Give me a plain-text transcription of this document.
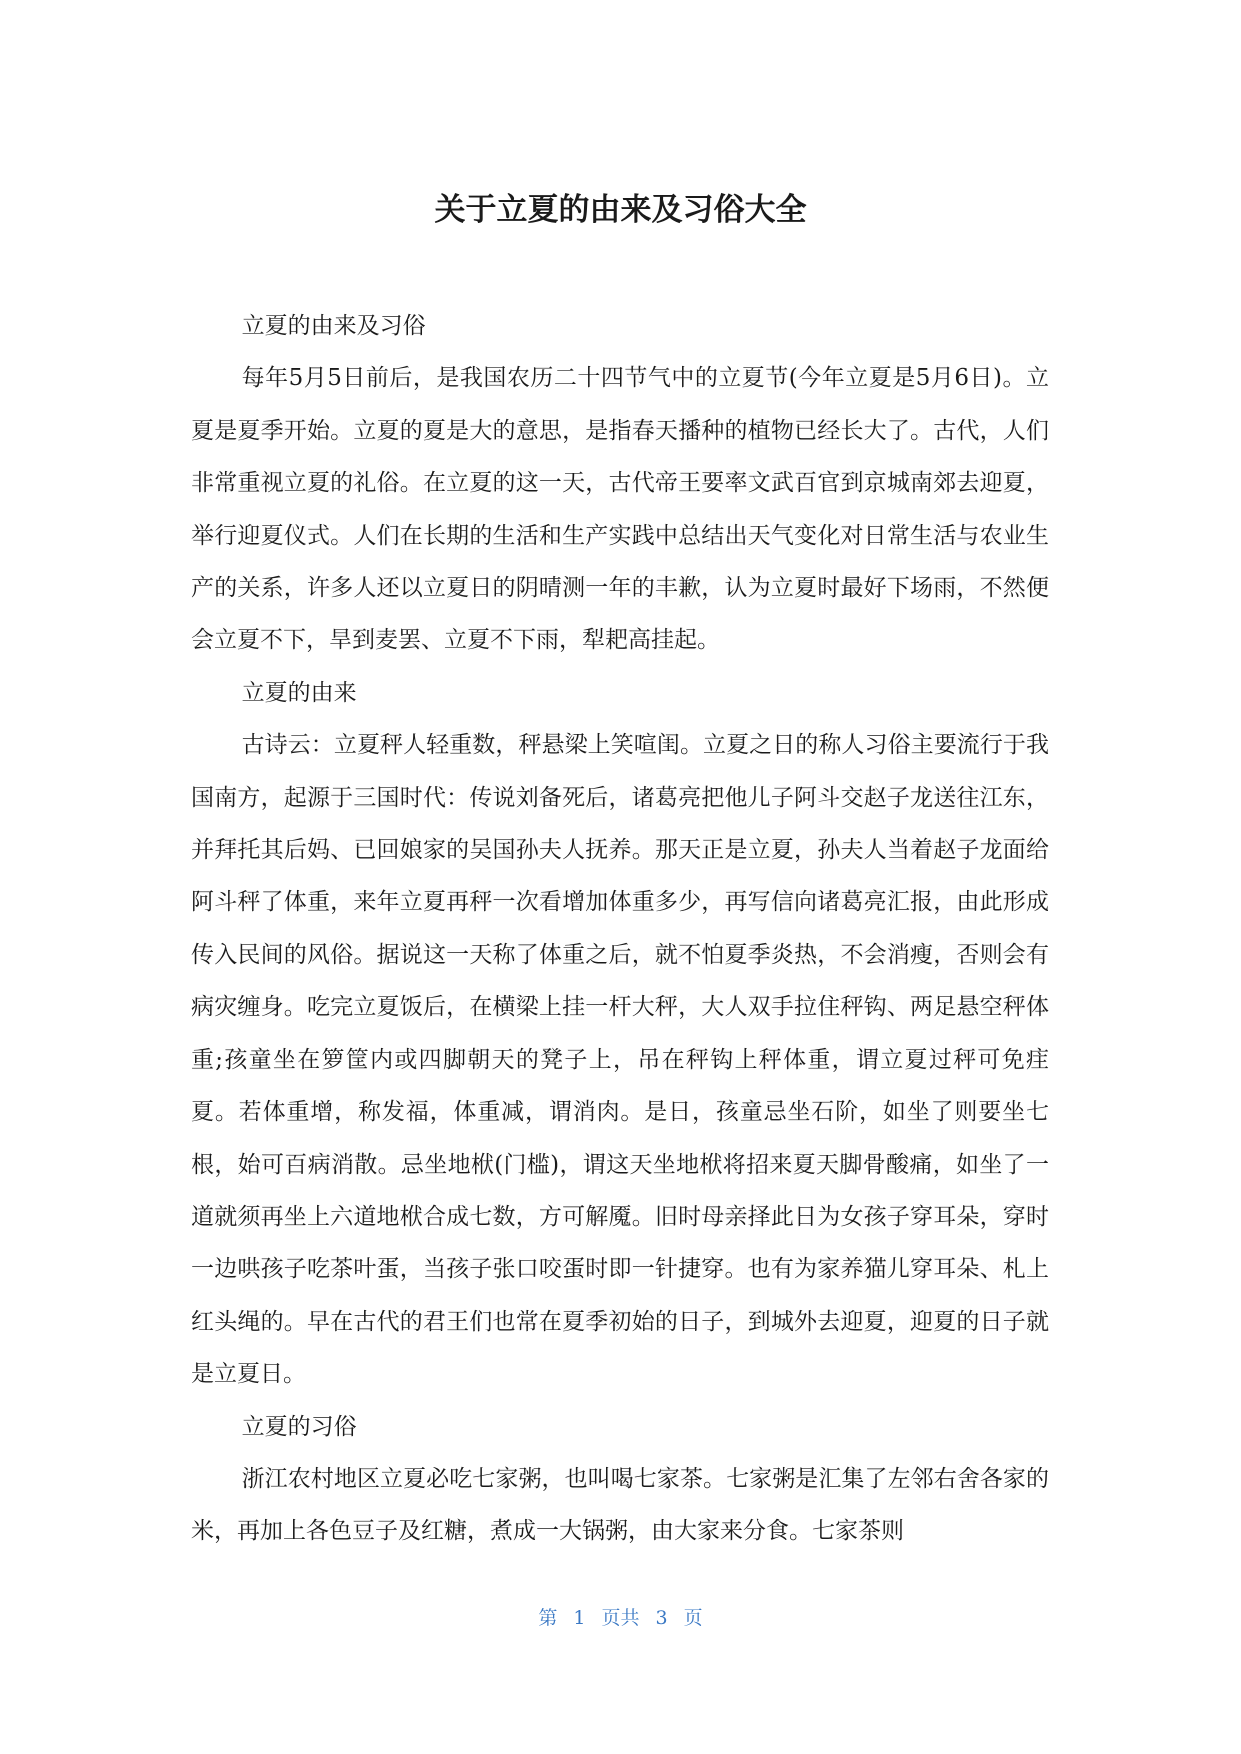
关于立夏的由来及习俗大全

立夏的由来及习俗

每年5月5日前后，是我国农历二十四节气中的立夏节(今年立夏是5月6日)。立夏是夏季开始。立夏的夏是大的意思，是指春天播种的植物已经长大了。古代，人们非常重视立夏的礼俗。在立夏的这一天，古代帝王要率文武百官到京城南郊去迎夏，举行迎夏仪式。人们在长期的生活和生产实践中总结出天气变化对日常生活与农业生产的关系，许多人还以立夏日的阴晴测一年的丰歉，认为立夏时最好下场雨，不然便会立夏不下，旱到麦罢、立夏不下雨，犁耙高挂起。

立夏的由来

古诗云：立夏秤人轻重数，秤悬梁上笑喧闺。立夏之日的称人习俗主要流行于我国南方，起源于三国时代：传说刘备死后，诸葛亮把他儿子阿斗交赵子龙送往江东，并拜托其后妈、已回娘家的吴国孙夫人抚养。那天正是立夏，孙夫人当着赵子龙面给阿斗秤了体重，来年立夏再秤一次看增加体重多少，再写信向诸葛亮汇报，由此形成传入民间的风俗。据说这一天称了体重之后，就不怕夏季炎热，不会消瘦，否则会有病灾缠身。吃完立夏饭后，在横梁上挂一杆大秤，大人双手拉住秤钩、两足悬空秤体重;孩童坐在箩筐内或四脚朝天的凳子上，吊在秤钩上秤体重，谓立夏过秤可免疰夏。若体重增，称发福，体重减，谓消肉。是日，孩童忌坐石阶，如坐了则要坐七根，始可百病消散。忌坐地栿(门槛)，谓这天坐地栿将招来夏天脚骨酸痛，如坐了一道就须再坐上六道地栿合成七数，方可解魇。旧时母亲择此日为女孩子穿耳朵，穿时一边哄孩子吃茶叶蛋，当孩子张口咬蛋时即一针捷穿。也有为家养猫儿穿耳朵、札上红头绳的。早在古代的君王们也常在夏季初始的日子，到城外去迎夏，迎夏的日子就是立夏日。

立夏的习俗

浙江农村地区立夏必吃七家粥，也叫喝七家茶。七家粥是汇集了左邻右舍各家的米，再加上各色豆子及红糖，煮成一大锅粥，由大家来分食。七家茶则

第 1 页共 3 页
